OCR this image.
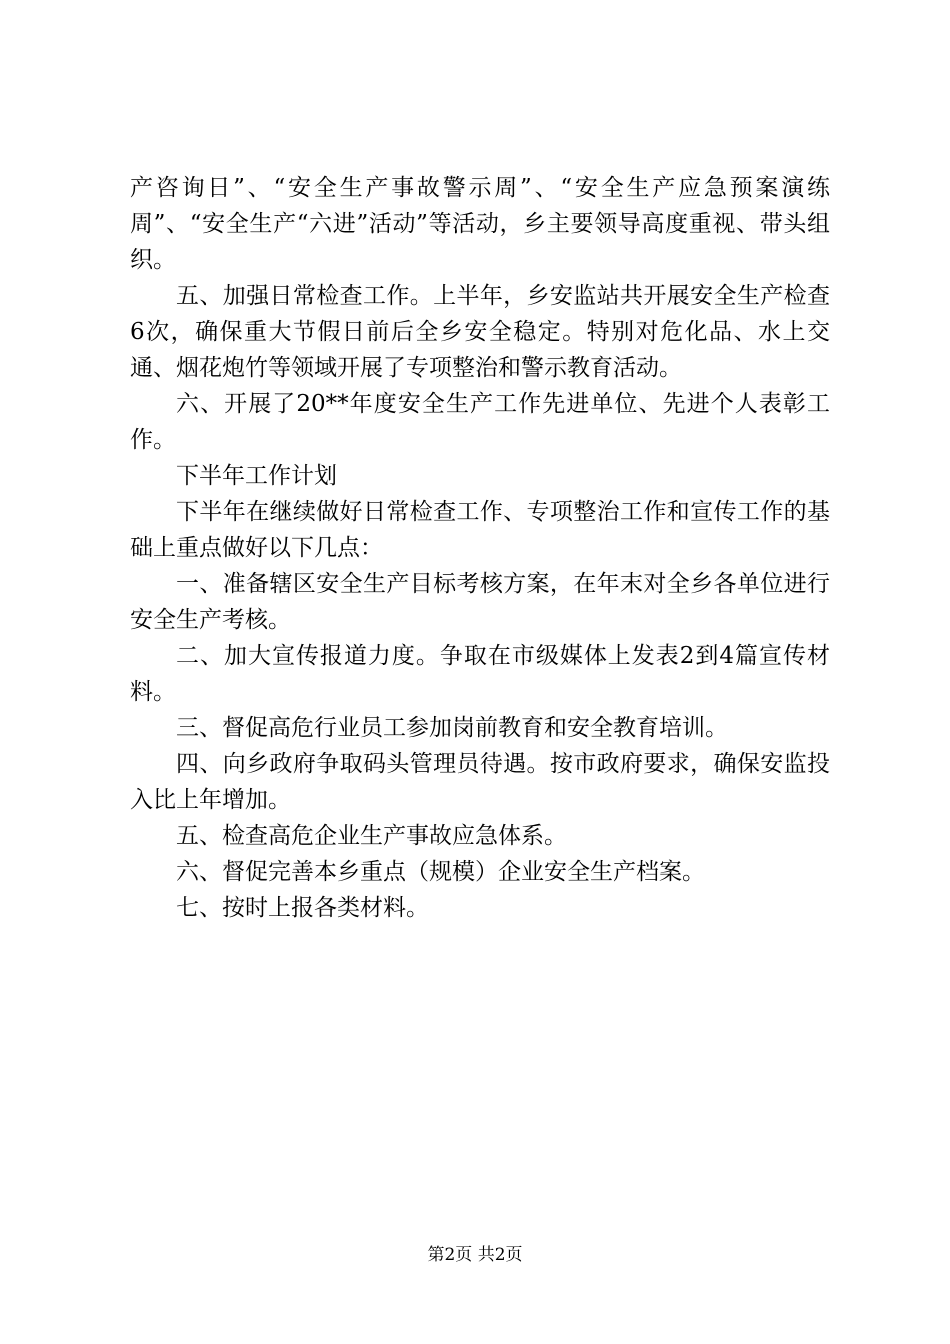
产咨询日”、“安全生产事故警示周”、“安全生产应急预案演练周”、“安全生产“六进”活动”等活动，乡主要领导高度重视、带头组织。

五、加强日常检查工作。上半年，乡安监站共开展安全生产检查6次，确保重大节假日前后全乡安全稳定。特别对危化品、水上交通、烟花炮竹等领域开展了专项整治和警示教育活动。

六、开展了20**年度安全生产工作先进单位、先进个人表彰工作。

下半年工作计划

下半年在继续做好日常检查工作、专项整治工作和宣传工作的基础上重点做好以下几点：

一、准备辖区安全生产目标考核方案，在年末对全乡各单位进行安全生产考核。

二、加大宣传报道力度。争取在市级媒体上发表2到4篇宣传材料。

三、督促高危行业员工参加岗前教育和安全教育培训。

四、向乡政府争取码头管理员待遇。按市政府要求，确保安监投入比上年增加。

五、检查高危企业生产事故应急体系。

六、督促完善本乡重点（规模）企业安全生产档案。

七、按时上报各类材料。

第2页 共2页
